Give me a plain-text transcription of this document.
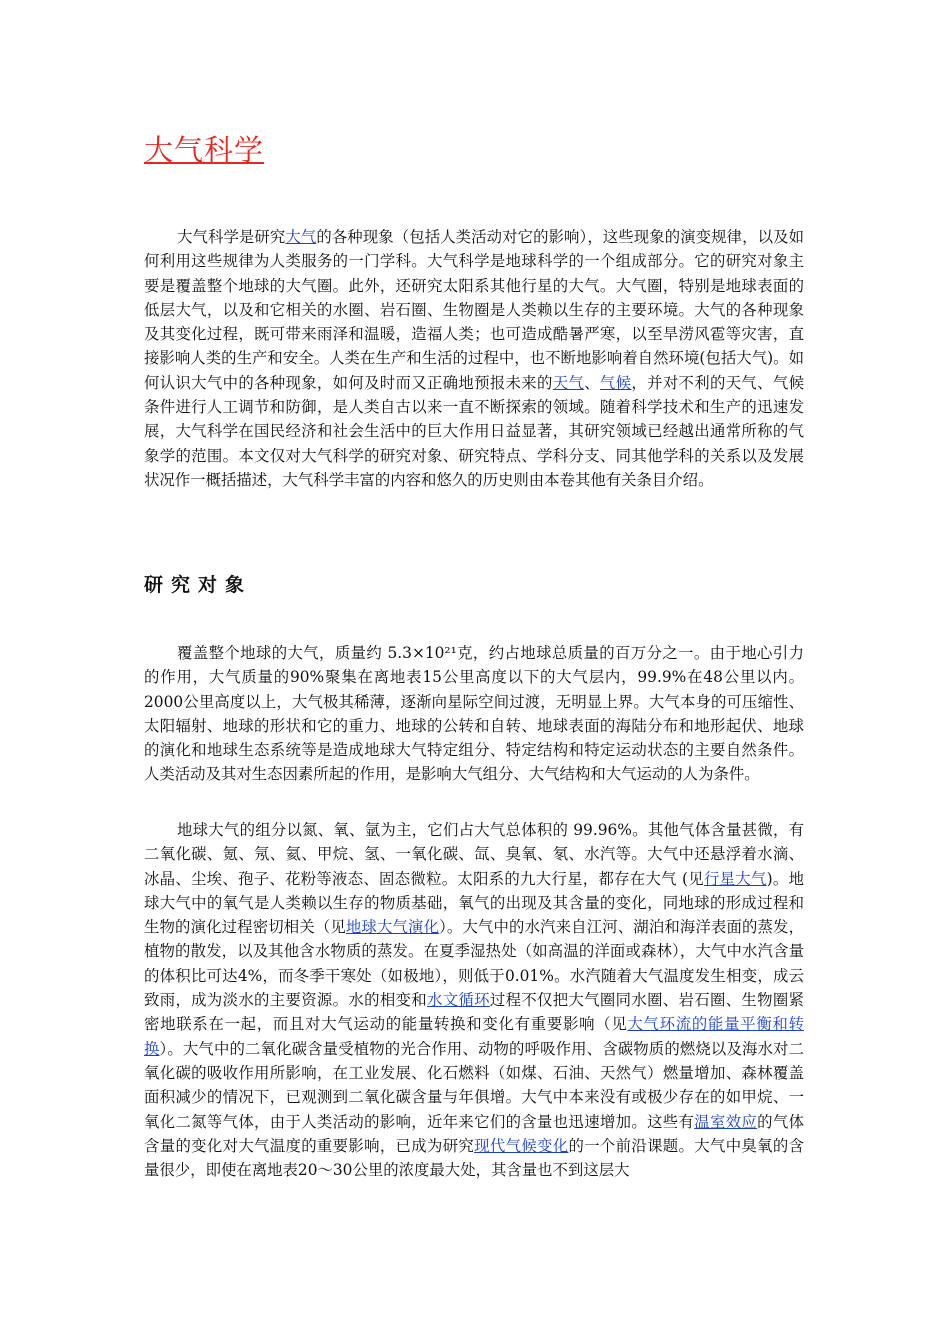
大气科学

大气科学是研究大气的各种现象（包括人类活动对它的影响），这些现象的演变规律，以及如何利用这些规律为人类服务的一门学科。大气科学是地球科学的一个组成部分。它的研究对象主要是覆盖整个地球的大气圈。此外，还研究太阳系其他行星的大气。大气圈，特别是地球表面的低层大气，以及和它相关的水圈、岩石圈、生物圈是人类赖以生存的主要环境。大气的各种现象及其变化过程，既可带来雨泽和温暖，造福人类；也可造成酷暑严寒，以至旱涝风雹等灾害，直接影响人类的生产和安全。人类在生产和生活的过程中，也不断地影响着自然环境(包括大气)。如何认识大气中的各种现象，如何及时而又正确地预报未来的天气、气候，并对不利的天气、气候条件进行人工调节和防御，是人类自古以来一直不断探索的领域。随着科学技术和生产的迅速发展，大气科学在国民经济和社会生活中的巨大作用日益显著，其研究领域已经越出通常所称的气象学的范围。本文仅对大气科学的研究对象、研究特点、学科分支、同其他学科的关系以及发展状况作一概括描述，大气科学丰富的内容和悠久的历史则由本卷其他有关条目介绍。

研究对象

覆盖整个地球的大气，质量约 5.3×10²¹克，约占地球总质量的百万分之一。由于地心引力的作用，大气质量的90%聚集在离地表15公里高度以下的大气层内，99.9%在48公里以内。2000公里高度以上，大气极其稀薄，逐渐向星际空间过渡，无明显上界。大气本身的可压缩性、太阳辐射、地球的形状和它的重力、地球的公转和自转、地球表面的海陆分布和地形起伏、地球的演化和地球生态系统等是造成地球大气特定组分、特定结构和特定运动状态的主要自然条件。人类活动及其对生态因素所起的作用，是影响大气组分、大气结构和大气运动的人为条件。

地球大气的组分以氮、氧、氩为主，它们占大气总体积的 99.96%。其他气体含量甚微，有二氧化碳、氪、氖、氦、甲烷、氢、一氧化碳、氙、臭氧、氡、水汽等。大气中还悬浮着水滴、冰晶、尘埃、孢子、花粉等液态、固态微粒。太阳系的九大行星，都存在大气 (见行星大气)。地球大气中的氧气是人类赖以生存的物质基础，氧气的出现及其含量的变化，同地球的形成过程和生物的演化过程密切相关（见地球大气演化）。大气中的水汽来自江河、湖泊和海洋表面的蒸发，植物的散发，以及其他含水物质的蒸发。在夏季湿热处（如高温的洋面或森林），大气中水汽含量的体积比可达4%，而冬季干寒处（如极地），则低于0.01%。水汽随着大气温度发生相变，成云致雨，成为淡水的主要资源。水的相变和水文循环过程不仅把大气圈同水圈、岩石圈、生物圈紧密地联系在一起，而且对大气运动的能量转换和变化有重要影响（见大气环流的能量平衡和转换）。大气中的二氧化碳含量受植物的光合作用、动物的呼吸作用、含碳物质的燃烧以及海水对二氧化碳的吸收作用所影响，在工业发展、化石燃料（如煤、石油、天然气）燃量增加、森林覆盖面积减少的情况下，已观测到二氧化碳含量与年俱增。大气中本来没有或极少存在的如甲烷、一氧化二氮等气体，由于人类活动的影响，近年来它们的含量也迅速增加。这些有温室效应的气体含量的变化对大气温度的重要影响，已成为研究现代气候变化的一个前沿课题。大气中臭氧的含量很少，即使在离地表20～30公里的浓度最大处，其含量也不到这层大
